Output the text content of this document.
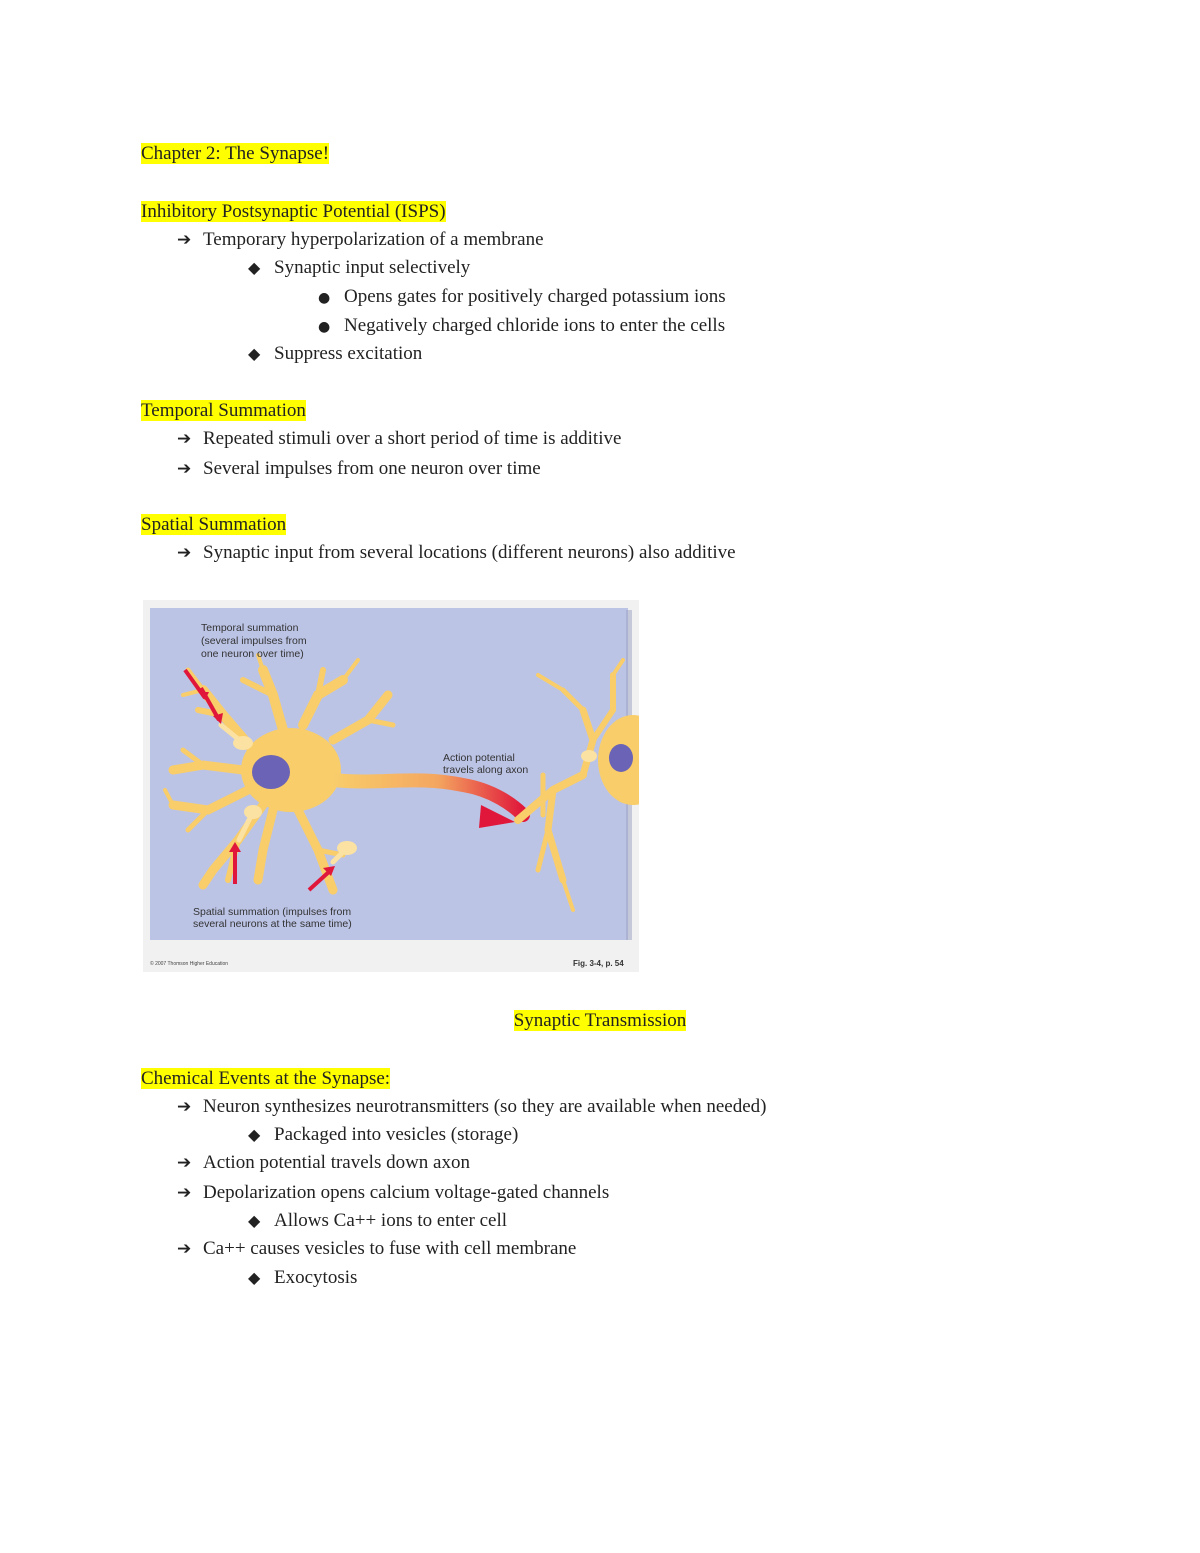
Chapter 2: The Synapse!
Inhibitory Postsynaptic Potential (ISPS)
➔ Temporary hyperpolarization of a membrane
◆ Synaptic input selectively
● Opens gates for positively charged potassium ions
● Negatively charged chloride ions to enter the cells
◆ Suppress excitation
Temporal Summation
➔ Repeated stimuli over a short period of time is additive
➔ Several impulses from one neuron over time
Spatial Summation
➔ Synaptic input from several locations (different neurons) also additive
Temporal summation
(several impulses from
one neuron over time)
Action potential
travels along axon
Spatial summation (impulses from
several neurons at the same time)
© 2007 Thomson Higher Education	Fig. 3-4, p. 54
Synaptic Transmission
Chemical Events at the Synapse:
➔ Neuron synthesizes neurotransmitters (so they are available when needed)
◆ Packaged into vesicles (storage)
➔ Action potential travels down axon
➔ Depolarization opens calcium voltage-gated channels
◆ Allows Ca++ ions to enter cell
➔ Ca++ causes vesicles to fuse with cell membrane
◆ Exocytosis
